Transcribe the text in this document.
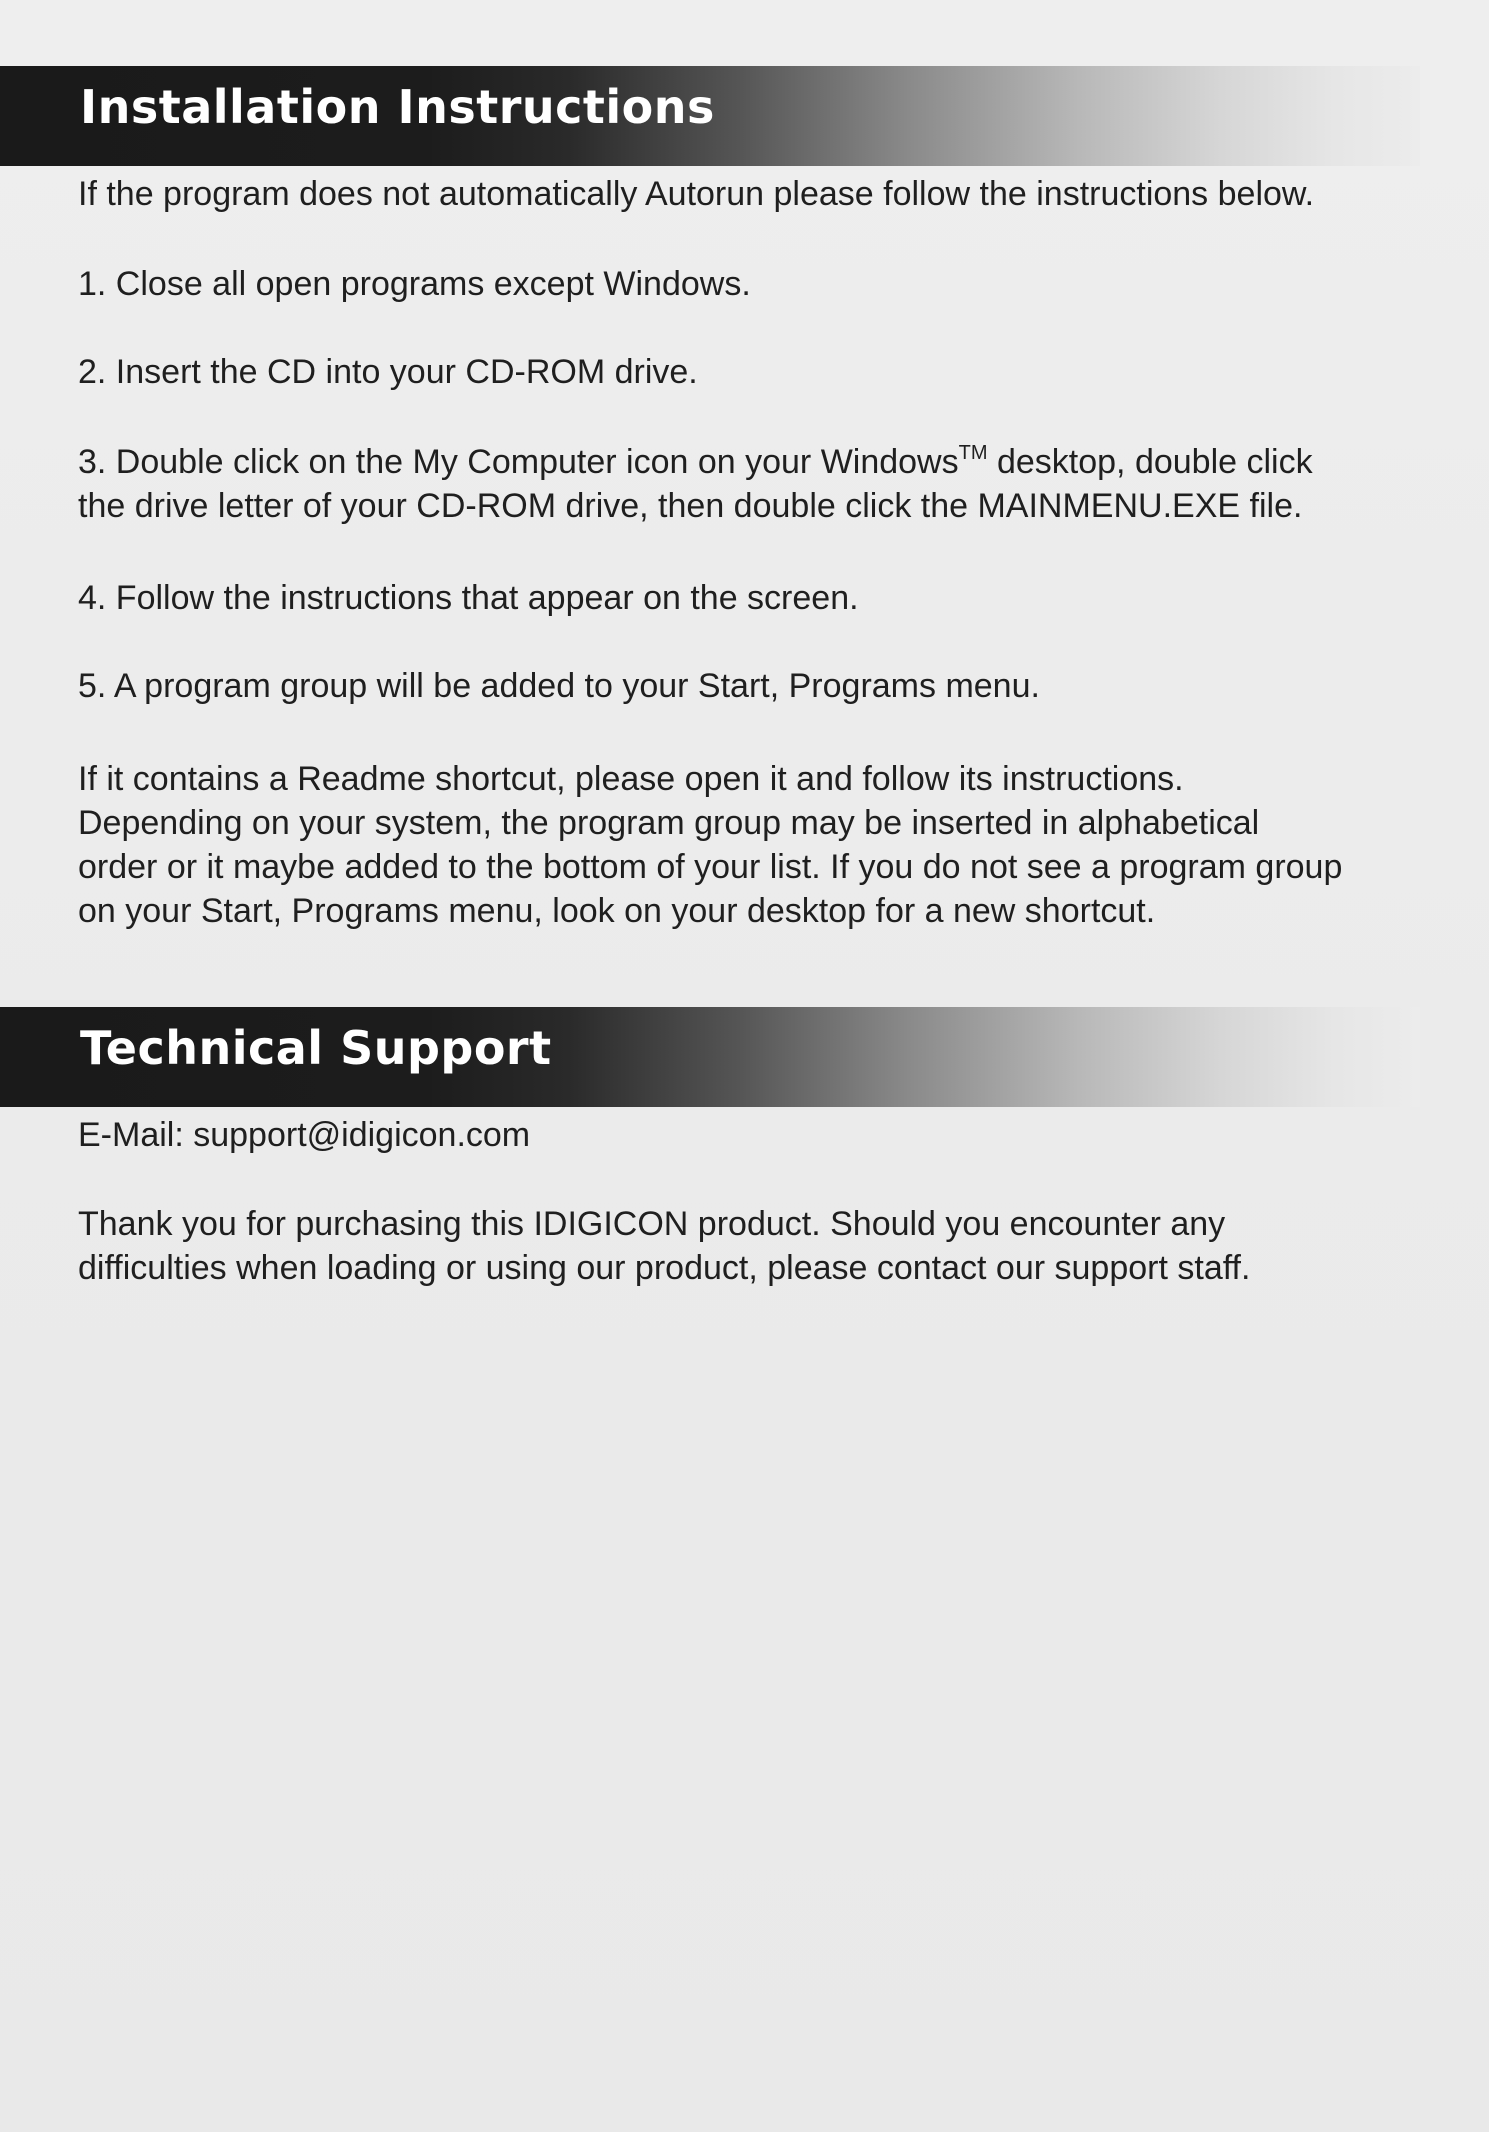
Installation Instructions

If the program does not automatically Autorun please follow the instructions below.

1. Close all open programs except Windows.

2. Insert the CD into your CD-ROM drive.

3. Double click on the My Computer icon on your Windows™ desktop, double click
the drive letter of your CD-ROM drive, then double click the MAINMENU.EXE file.

4. Follow the instructions that appear on the screen.

5. A program group will be added to your Start, Programs menu.

If it contains a Readme shortcut, please open it and follow its instructions.
Depending on your system, the program group may be inserted in alphabetical
order or it maybe added to the bottom of your list. If you do not see a program group
on your Start, Programs menu, look on your desktop for a new shortcut.
Technical Support

E-Mail: support@idigicon.com

Thank you for purchasing this IDIGICON product. Should you encounter any
difficulties when loading or using our product, please contact our support staff.
